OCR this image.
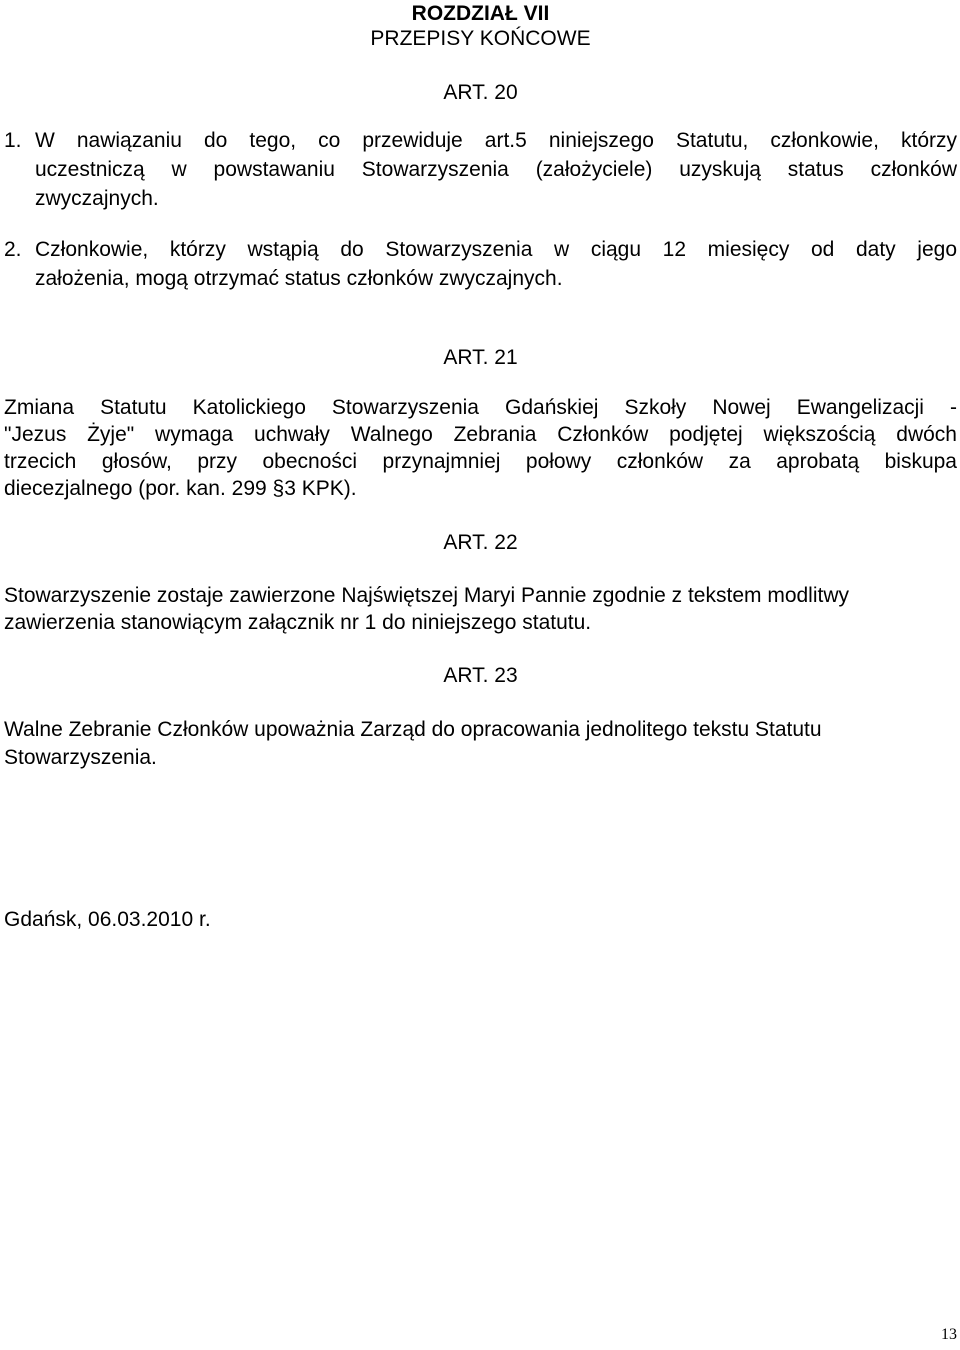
ROZDZIAŁ VII
PRZEPISY KOŃCOWE
ART. 20
1. W nawiązaniu do tego, co przewiduje art.5 niniejszego Statutu, członkowie, którzy
uczestniczą w powstawaniu Stowarzyszenia (założyciele) uzyskują status członków
zwyczajnych.
2. Członkowie, którzy wstąpią do Stowarzyszenia w ciągu 12 miesięcy od daty jego
założenia, mogą otrzymać status członków zwyczajnych.
ART. 21
Zmiana Statutu Katolickiego Stowarzyszenia Gdańskiej Szkoły Nowej Ewangelizacji -
"Jezus Żyje" wymaga uchwały Walnego Zebrania Członków podjętej większością dwóch
trzecich głosów, przy obecności przynajmniej połowy członków za aprobatą biskupa
diecezjalnego (por. kan. 299 §3 KPK).
ART. 22
Stowarzyszenie zostaje zawierzone Najświętszej Maryi Pannie zgodnie z tekstem modlitwy
zawierzenia stanowiącym załącznik nr 1 do niniejszego statutu.
ART. 23
Walne Zebranie Członków upoważnia Zarząd do opracowania jednolitego tekstu Statutu
Stowarzyszenia.
Gdańsk, 06.03.2010 r.
13
